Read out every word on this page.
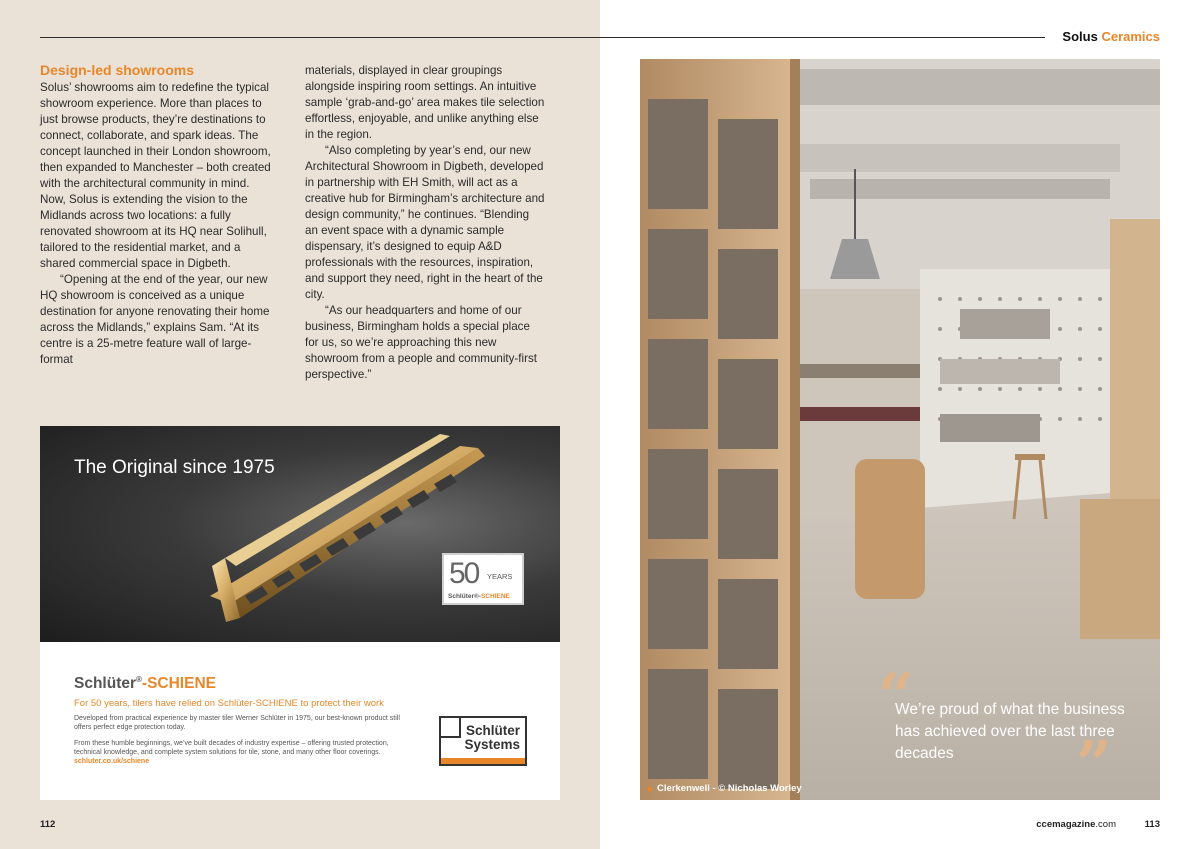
Solus Ceramics
Design-led showrooms

Solus’ showrooms aim to redefine the typical showroom experience. More than places to just browse products, they’re destinations to connect, collaborate, and spark ideas. The concept launched in their London showroom, then expanded to Manchester – both created with the architectural community in mind. Now, Solus is extending the vision to the Midlands across two locations: a fully renovated showroom at its HQ near Solihull, tailored to the residential market, and a shared commercial space in Digbeth.

“Opening at the end of the year, our new HQ showroom is conceived as a unique destination for anyone renovating their home across the Midlands,” explains Sam. “At its centre is a 25-metre feature wall of large-format

materials, displayed in clear groupings alongside inspiring room settings. An intuitive sample ‘grab-and-go’ area makes tile selection effortless, enjoyable, and unlike anything else in the region.

“Also completing by year’s end, our new Architectural Showroom in Digbeth, developed in partnership with EH Smith, will act as a creative hub for Birmingham’s architecture and design community,” he continues. “Blending an event space with a dynamic sample dispensary, it’s designed to equip A&D professionals with the resources, inspiration, and support they need, right in the heart of the city.

“As our headquarters and home of our business, Birmingham holds a special place for us, so we’re approaching this new showroom from a people and community-first perspective.”

The Original since 1975
50 YEARS
Schlüter®-SCHIENE
Schlüter®-SCHIENE
For 50 years, tilers have relied on Schlüter-SCHIENE to protect their work
Developed from practical experience by master tiler Werner Schlüter in 1975, our best-known product still offers perfect edge protection today.
From these humble beginnings, we’ve built decades of industry expertise – offering trusted protection, technical knowledge, and complete system solutions for tile, stone, and many other floor coverings.
schluter.co.uk/schiene
Schlüter
Systems
“
We’re proud of what the business has achieved over the last three decades	”
▲ Clerkenwell - © Nicholas Worley
112	ccemagazine.com	113
